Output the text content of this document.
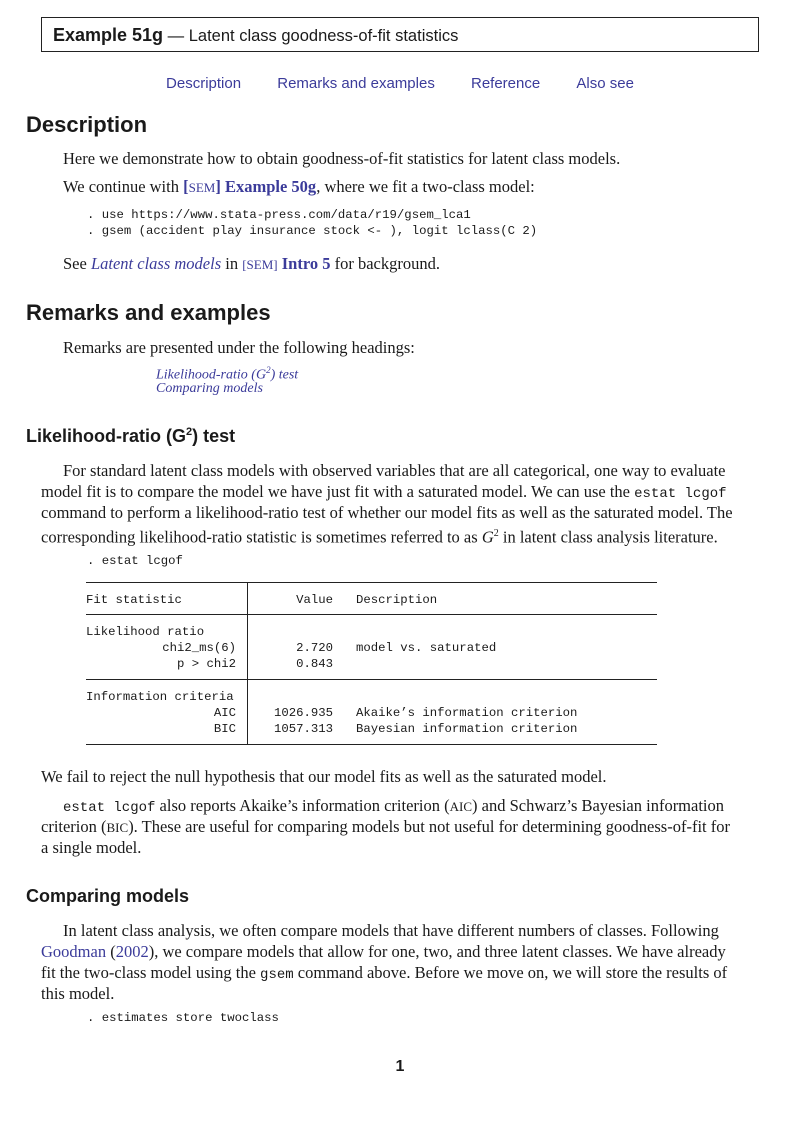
Example 51g — Latent class goodness-of-fit statistics
Description Remarks and examples Reference Also see
Description
Here we demonstrate how to obtain goodness-of-fit statistics for latent class models.
We continue with [SEM] Example 50g, where we fit a two-class model:
. use https://www.stata-press.com/data/r19/gsem_lca1
. gsem (accident play insurance stock <- ), logit lclass(C 2)
See Latent class models in [SEM] Intro 5 for background.
Remarks and examples
Remarks are presented under the following headings:
Likelihood-ratio $(G^2)$ test
Comparing models
Likelihood-ratio $(G^2)$ test
For standard latent class models with observed variables that are all categorical, one way to evaluate
model fit is to compare the model we have just fit with a saturated model. We can use the estat lcgof
command to perform a likelihood-ratio test of whether our model fits as well as the saturated model. The
corresponding likelihood-ratio statistic is sometimes referred to as $G^2$ in latent class analysis literature.
. estat lcgof
Fit statistic	Value Description
Likelihood ratio
chi2_ms(6)	2.720 model vs. saturated
p > chi2	0.843
Information criteria
AIC	1026.935 Akaike’s information criterion
BIC	1057.313 Bayesian information criterion
We fail to reject the null hypothesis that our model fits as well as the saturated model.
estat lcgof also reports Akaike’s information criterion (AIC) and Schwarz’s Bayesian information
criterion (BIC). These are useful for comparing models but not useful for determining goodness-of-fit for
a single model.
Comparing models
In latent class analysis, we often compare models that have different numbers of classes. Following
Goodman (2002), we compare models that allow for one, two, and three latent classes. We have already
fit the two-class model using the gsem command above. Before we move on, we will store the results of
this model.
. estimates store twoclass
1
